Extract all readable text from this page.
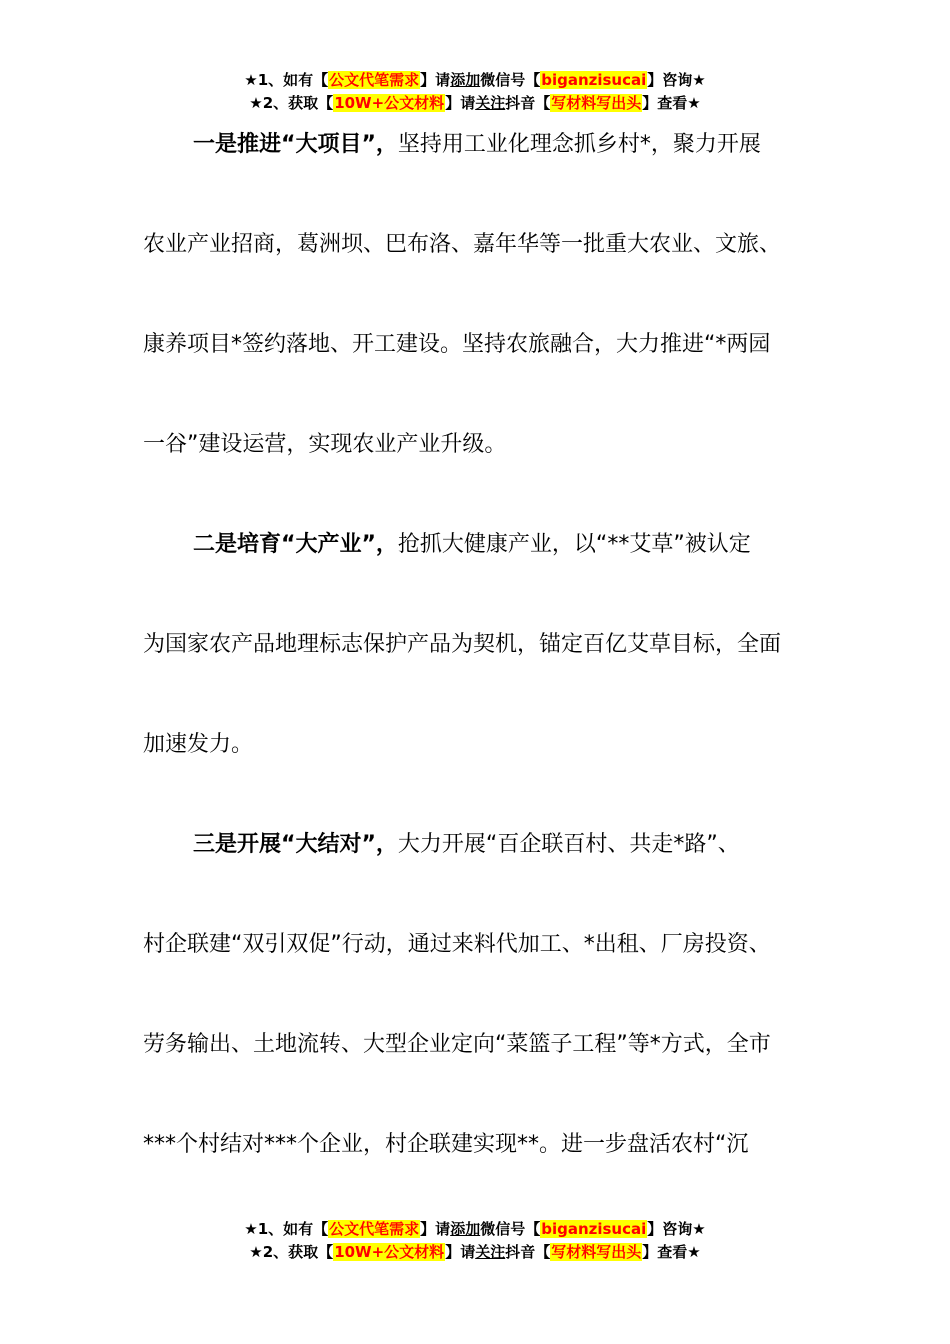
★1、如有【公文代笔需求】请添加微信号【biganzisucai】咨询★
★2、获取【10W+公文材料】请关注抖音【写材料写出头】查看★
一是推进“大项目”，坚持用工业化理念抓乡村*，聚力开展
农业产业招商，葛洲坝、巴布洛、嘉年华等一批重大农业、文旅、
康养项目*签约落地、开工建设。坚持农旅融合，大力推进“*两园
一谷”建设运营，实现农业产业升级。
二是培育“大产业”，抢抓大健康产业，以“**艾草”被认定
为国家农产品地理标志保护产品为契机，锚定百亿艾草目标，全面
加速发力。
三是开展“大结对”，大力开展“百企联百村、共走*路”、
村企联建“双引双促”行动，通过来料代加工、*出租、厂房投资、
劳务输出、土地流转、大型企业定向“菜篮子工程”等*方式，全市
***个村结对***个企业，村企联建实现**。进一步盘活农村“沉
★1、如有【公文代笔需求】请添加微信号【biganzisucai】咨询★
★2、获取【10W+公文材料】请关注抖音【写材料写出头】查看★
